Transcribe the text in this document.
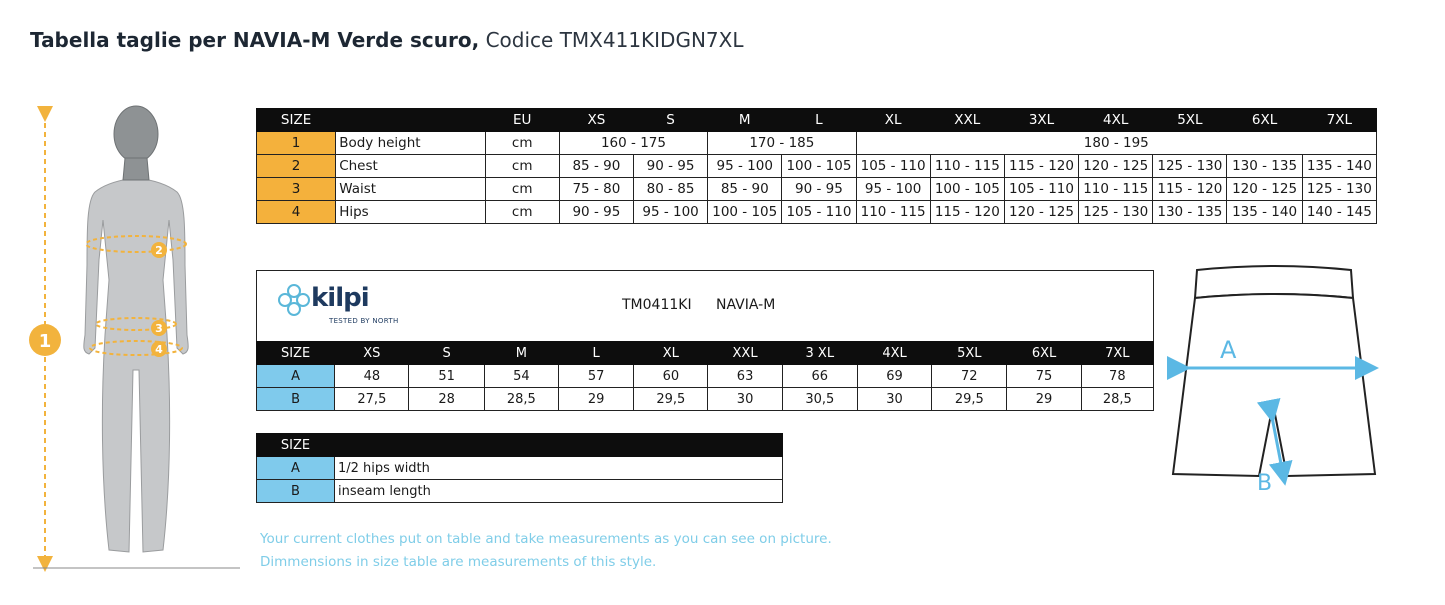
Tabella taglie per NAVIA-M Verde scuro, Codice TMX411KIDGN7XL
1
2
3
4
SIZE		EU	XS	S	M	L	XL	XXL	3XL	4XL	5XL	6XL	7XL
1	Body height	cm	160 - 175		170 - 185		180 - 195						
2	Chest	cm	85 - 90	90 - 95	95 - 100	100 - 105	105 - 110	110 - 115	115 - 120	120 - 125	125 - 130	130 - 135	135 - 140
3	Waist	cm	75 - 80	80 - 85	85 - 90	90 - 95	95 - 100	100 - 105	105 - 110	110 - 115	115 - 120	120 - 125	125 - 130
4	Hips	cm	90 - 95	95 - 100	100 - 105	105 - 110	110 - 115	115 - 120	120 - 125	125 - 130	130 - 135	135 - 140	140 - 145
kilpi
TESTED BY NORTH
TM0411KI NAVIA-M
SIZE	XS	S	M	L	XL	XXL	3 XL	4XL	5XL	6XL	7XL
A	48	51	54	57	60	63	66	69	72	75	78
B	27,5	28	28,5	29	29,5	30	30,5	30	29,5	29	28,5
SIZE	
A	1/2 hips width
B	inseam length
Your current clothes put on table and take measurements as you can see on picture.
Dimmensions in size table are measurements of this style.
A
B
